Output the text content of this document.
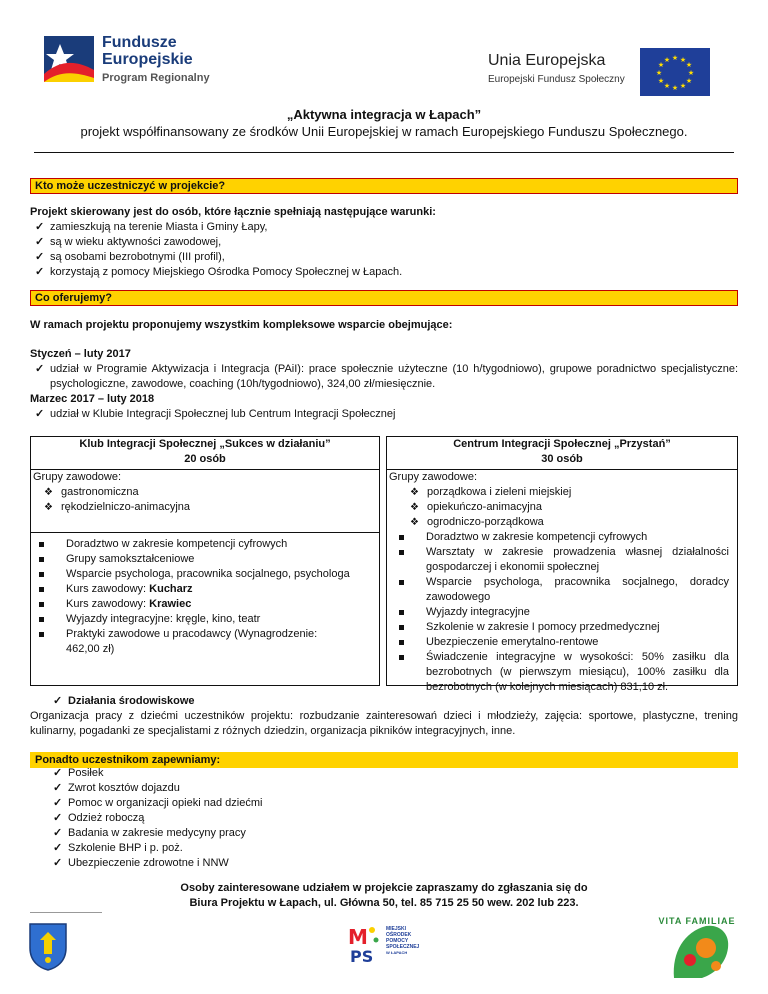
Fundusze
Europejskie
Program Regionalny
Unia Europejska
Europejski Fundusz Społeczny
★ ★
★
★
★
★
★
★
★
★
★
★
„Aktywna integracja w Łapach”
projekt współfinansowany ze środków Unii Europejskiej w ramach Europejskiego Funduszu Społecznego.
Kto może uczestniczyć w projekcie?
Projekt skierowany jest do osób, które łącznie spełniają następujące warunki:
✓ zamieszkują na terenie Miasta i Gminy Łapy,
✓ są w wieku aktywności zawodowej,
✓ są osobami bezrobotnymi (III profil),
✓ korzystają z pomocy Miejskiego Ośrodka Pomocy Społecznej w Łapach.
Co oferujemy?
W ramach projektu proponujemy wszystkim kompleksowe wsparcie obejmujące:
Styczeń – luty 2017
✓ udział w Programie Aktywizacja i Integracja (PAiI): prace społecznie użyteczne (10 h/tygodniowo), grupowe poradnictwo specjalistyczne: psychologiczne, zawodowe, coaching (10h/tygodniowo), 324,00 zł/miesięcznie.
Marzec 2017 – luty 2018
✓ udział w Klubie Integracji Społecznej lub Centrum Integracji Społecznej
Klub Integracji Społecznej „Sukces w działaniu”
20 osób
Grupy zawodowe:
❖ gastronomiczna
❖ rękodzielniczo-animacyjna
Doradztwo w zakresie kompetencji cyfrowych
Grupy samokształceniowe
Wsparcie psychologa, pracownika socjalnego, psychologa
Kurs zawodowy: Kucharz
Kurs zawodowy: Krawiec
Wyjazdy integracyjne: kręgle, kino, teatr
Praktyki zawodowe u pracodawcy (Wynagrodzenie: 462,00 zł)
Centrum Integracji Społecznej „Przystań”
30 osób
Grupy zawodowe:
❖ porządkowa i zieleni miejskiej
❖ opiekuńczo-animacyjna
❖ ogrodniczo-porządkowa
Doradztwo w zakresie kompetencji cyfrowych
Warsztaty w zakresie prowadzenia własnej działalności gospodarczej i ekonomii społecznej
Wsparcie psychologa, pracownika socjalnego, doradcy zawodowego
Wyjazdy integracyjne
Szkolenie w zakresie I pomocy przedmedycznej
Ubezpieczenie emerytalno-rentowe
Świadczenie integracyjne w wysokości: 50% zasiłku dla bezrobotnych (w pierwszym miesiącu), 100% zasiłku dla bezrobotnych (w kolejnych miesiącach) 831,10 zł.
✓ Działania środowiskowe
Organizacja pracy z dziećmi uczestników projektu: rozbudzanie zainteresowań dzieci i młodzieży, zajęcia: sportowe, plastyczne, trening kulinarny, pogadanki ze specjalistami z różnych dziedzin, organizacja pikników integracyjnych, inne.
Ponadto uczestnikom zapewniamy:
✓ Posiłek
✓ Zwrot kosztów dojazdu
✓ Pomoc w organizacji opieki nad dziećmi
✓ Odzież roboczą
✓ Badania w zakresie medycyny pracy
✓ Szkolenie BHP i p. poż.
✓ Ubezpieczenie zdrowotne i NNW
Osoby zainteresowane udziałem w projekcie zapraszamy do zgłaszania się do
Biura Projektu w Łapach, ul. Główna 50, tel. 85 715 25 50 wew. 202 lub 223.
M
PS
MIEJSKI
OŚRODEK
POMOCY
SPOŁECZNEJ
W ŁAPACH
VITA FAMILIAE
